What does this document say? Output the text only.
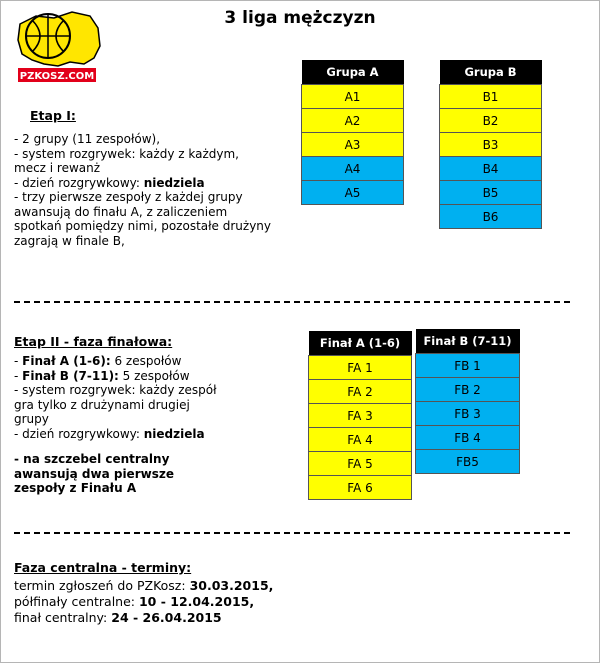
PZKOSZ.COM
3 liga mężczyzn
Etap I:
- 2 grupy (11 zespołów),
- system rozgrywek: każdy z każdym,
mecz i rewanż
- dzień rozgrywkowy: niedziela
- trzy pierwsze zespoły z każdej grupy
awansują do finału A, z zaliczeniem
spotkań pomiędzy nimi, pozostałe drużyny
zagrają w finale B,
Grupa A
A1
A2
A3
A4
A5
Grupa B
B1
B2
B3
B4
B5
B6
Etap II - faza finałowa:
- Finał A (1-6): 6 zespołów
- Finał B (7-11): 5 zespołów
- system rozgrywek: każdy zespół
gra tylko z drużynami drugiej
grupy
- dzień rozgrywkowy: niedziela
- na szczebel centralny
awansują dwa pierwsze
zespoły z Finału A
Finał A (1-6)
FA 1
FA 2
FA 3
FA 4
FA 5
FA 6
Finał B (7-11)
FB 1
FB 2
FB 3
FB 4
FB5
Faza centralna - terminy:
termin zgłoszeń do PZKosz: 30.03.2015,
półfinały centralne: 10 - 12.04.2015,
finał centralny: 24 - 26.04.2015
